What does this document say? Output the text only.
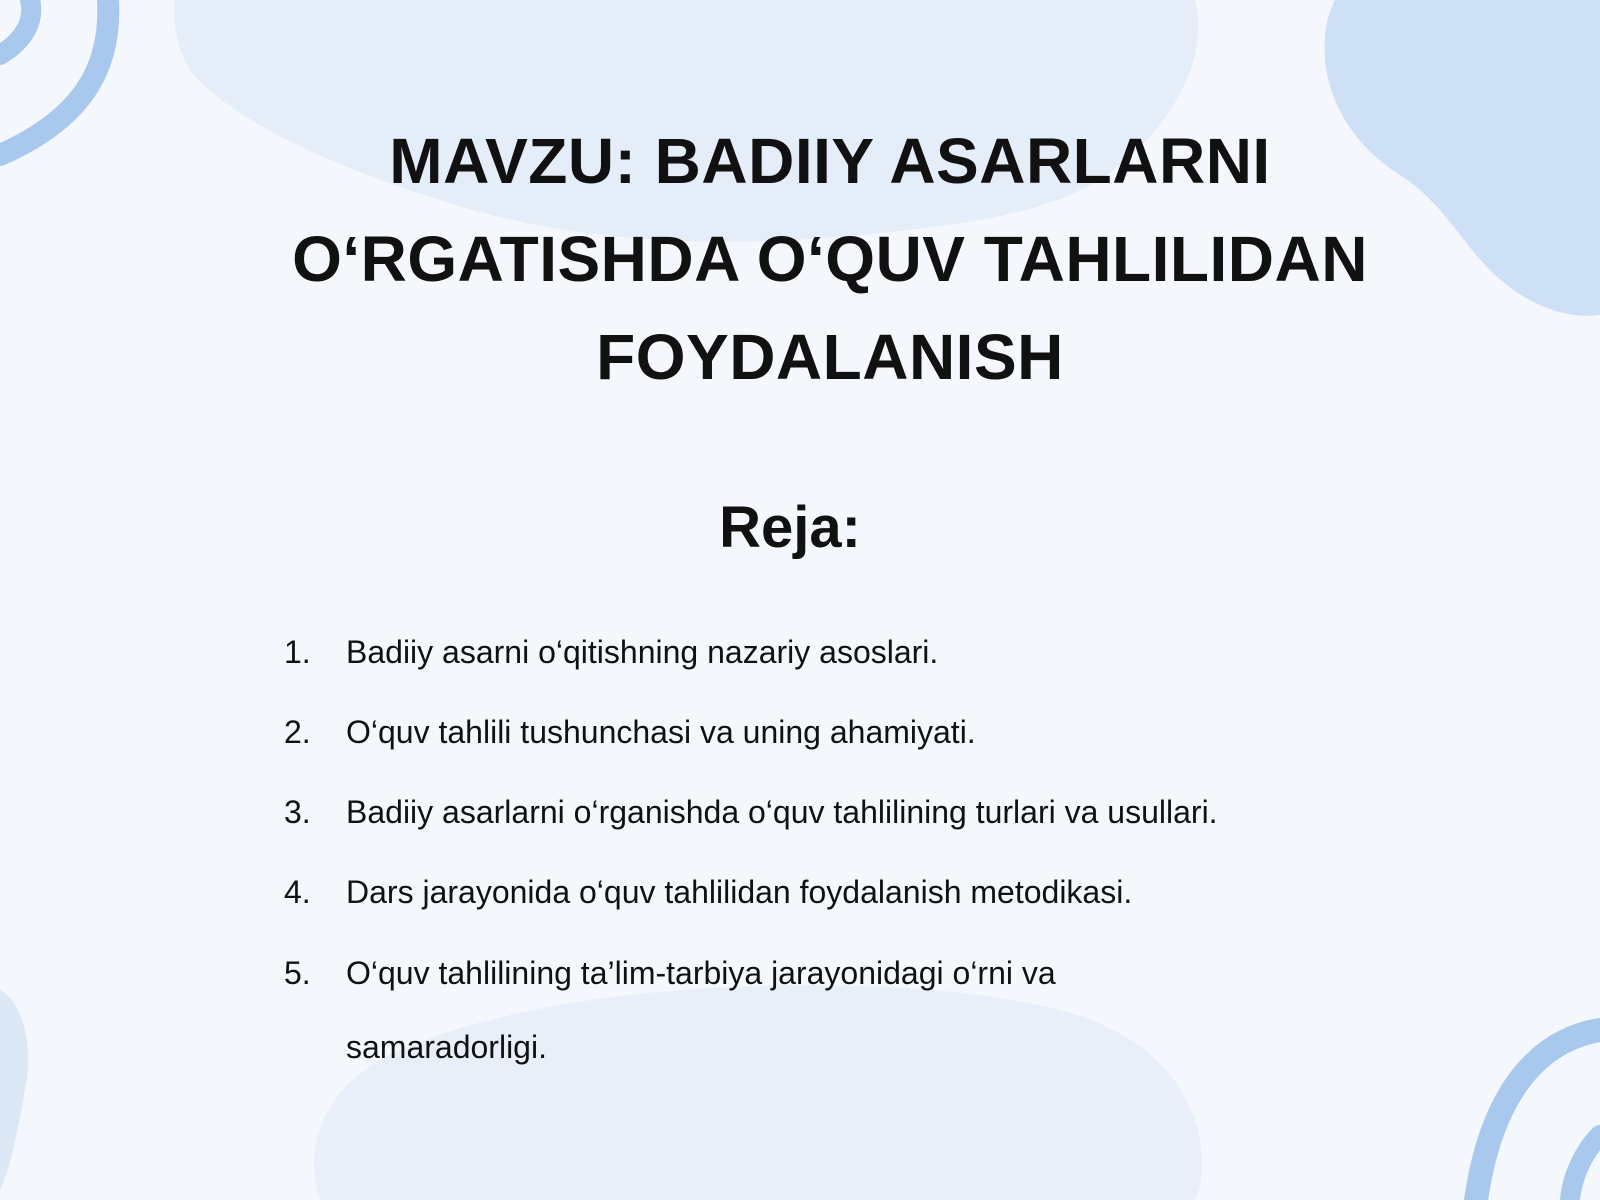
MAVZU: BADIIY ASARLARNI
O‘RGATISHDA O‘QUV TAHLILIDAN
FOYDALANISH
Reja:
1. Badiiy asarni o‘qitishning nazariy asoslari.
2. O‘quv tahlili tushunchasi va uning ahamiyati.
3. Badiiy asarlarni o‘rganishda o‘quv tahlilining turlari va usullari.
4. Dars jarayonida o‘quv tahlilidan foydalanish metodikasi.
5. O‘quv tahlilining ta’lim-tarbiya jarayonidagi o‘rni va samaradorligi.
